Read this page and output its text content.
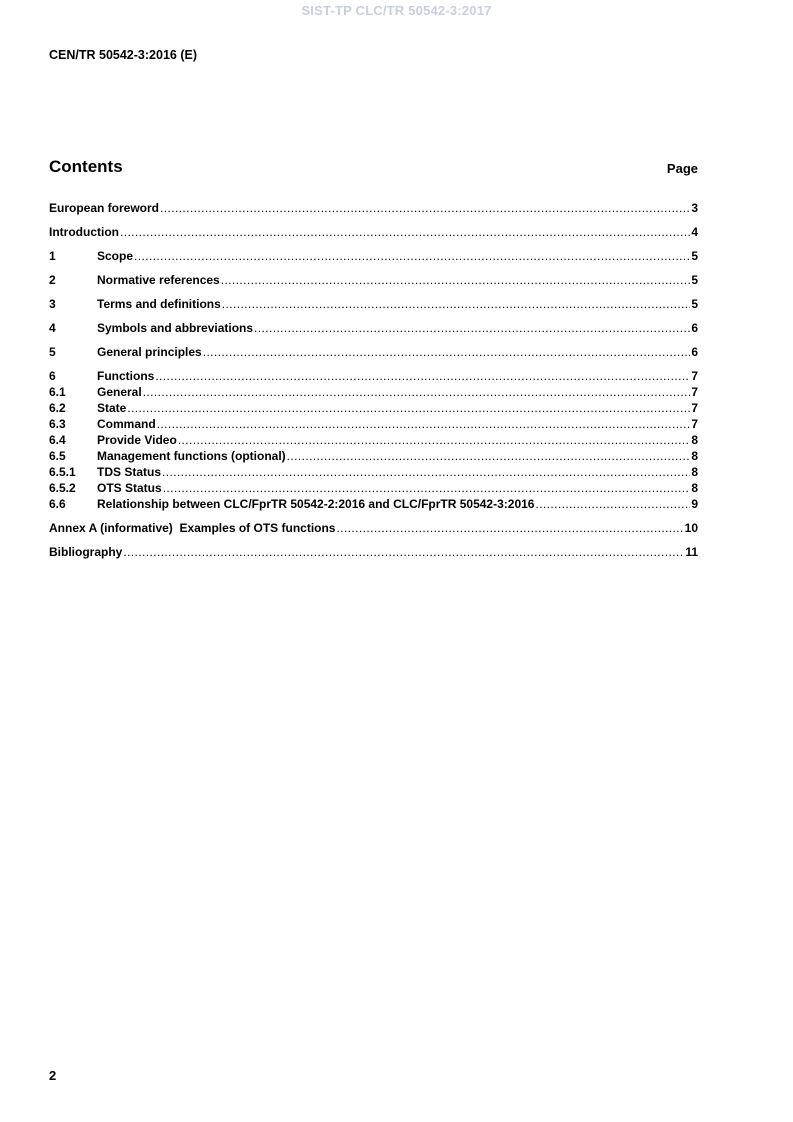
SIST-TP CLC/TR 50542-3:2017
CEN/TR 50542-3:2016 (E)
Contents	Page
European foreword .....	3
Introduction .....	4
1	Scope .....	5
2	Normative references .....	5
3	Terms and definitions .....	5
4	Symbols and abbreviations .....	6
5	General principles .....	6
6	Functions .....	7
6.1	General .....	7
6.2	State .....	7
6.3	Command .....	7
6.4	Provide Video .....	8
6.5	Management functions (optional) .....	8
6.5.1	TDS Status .....	8
6.5.2	OTS Status .....	8
6.6	Relationship between CLC/FprTR 50542-2:2016 and CLC/FprTR 50542-3:2016 .....	9
Annex A (informative)  Examples of OTS functions .....	10
Bibliography .....	11
2
